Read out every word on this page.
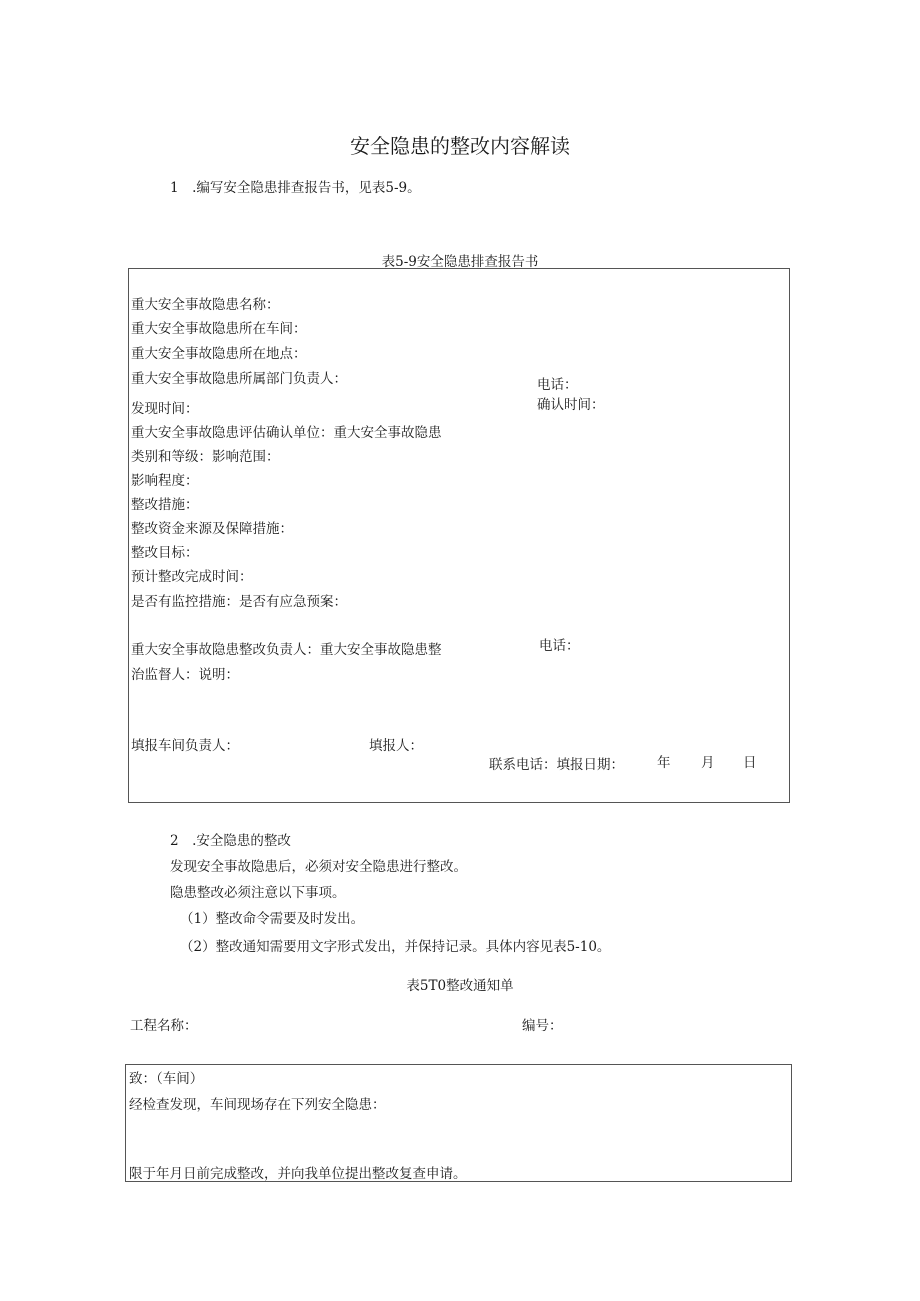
安全隐患的整改内容解读
1　.编写安全隐患排查报告书，见表5-9。
表5-9安全隐患排查报告书
重大安全事故隐患名称：
重大安全事故隐患所在车间：
重大安全事故隐患所在地点：
重大安全事故隐患所属部门负责人：	电话：
发现时间：	确认时间：
重大安全事故隐患评估确认单位：重大安全事故隐患
类别和等级：影响范围：
影响程度：
整改措施：
整改资金来源及保障措施：
整改目标：
预计整改完成时间：
是否有监控措施：是否有应急预案：
重大安全事故隐患整改负责人：重大安全事故隐患整	电话：
治监督人：说明：
填报车间负责人：	填报人：
联系电话：填报日期： 年 月 日
2　.安全隐患的整改
发现安全事故隐患后，必须对安全隐患进行整改。
隐患整改必须注意以下事项。
（1）整改命令需要及时发出。
（2）整改通知需要用文字形式发出，并保持记录。具体内容见表5-10。
表5T0整改通知单
工程名称：	编号：
致：（车间）
经检查发现，车间现场存在下列安全隐患：
限于年月日前完成整改，并向我单位提出整改复查申请。
